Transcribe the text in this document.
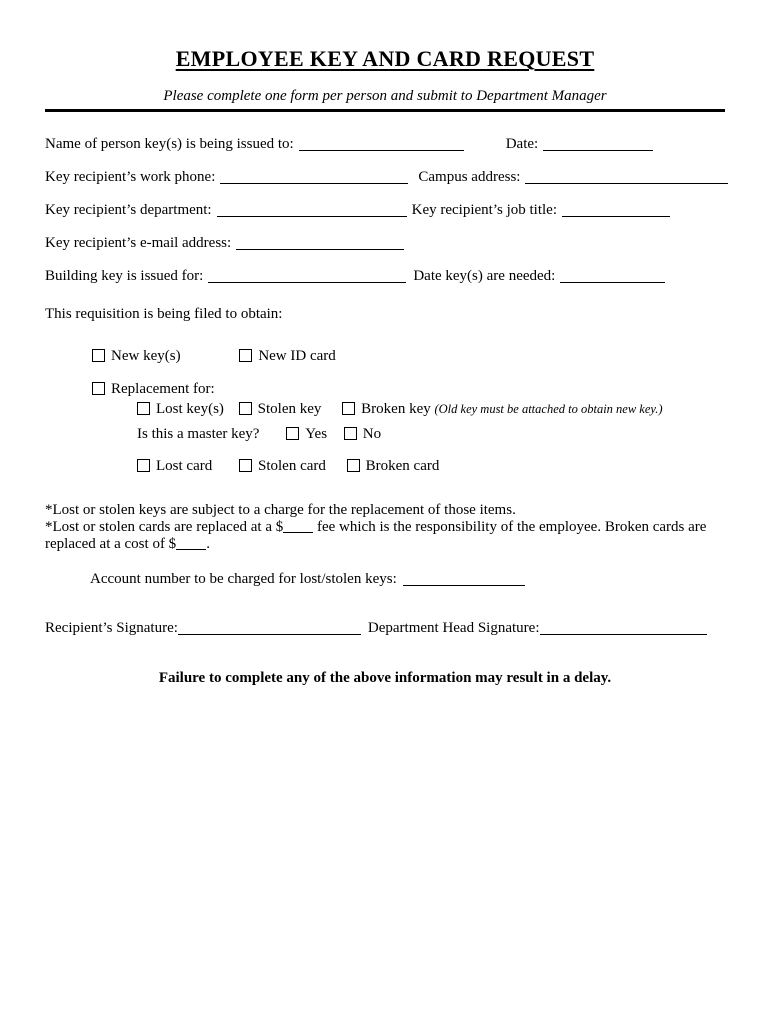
EMPLOYEE KEY AND CARD REQUEST
Please complete one form per person and submit to Department Manager
Name of person key(s) is being issued to:	Date:
Key recipient’s work phone:	Campus address:
Key recipient’s department:	Key recipient’s job title:
Key recipient’s e-mail address:
Building key is issued for:	Date key(s) are needed:
This requisition is being filed to obtain:
New key(s)	New ID card
Replacement for:
Lost key(s) Stolen key	Broken key (Old key must be attached to obtain new key.)
Is this a master key?	Yes No
Lost card	Stolen card	Broken card

*Lost or stolen keys are subject to a charge for the replacement of those items.
*Lost or stolen cards are replaced at a $ fee which is the responsibility of the employee. Broken cards are replaced at a cost of $ .

Account number to be charged for lost/stolen keys:
Recipient’s Signature:	Department Head Signature:
Failure to complete any of the above information may result in a delay.
